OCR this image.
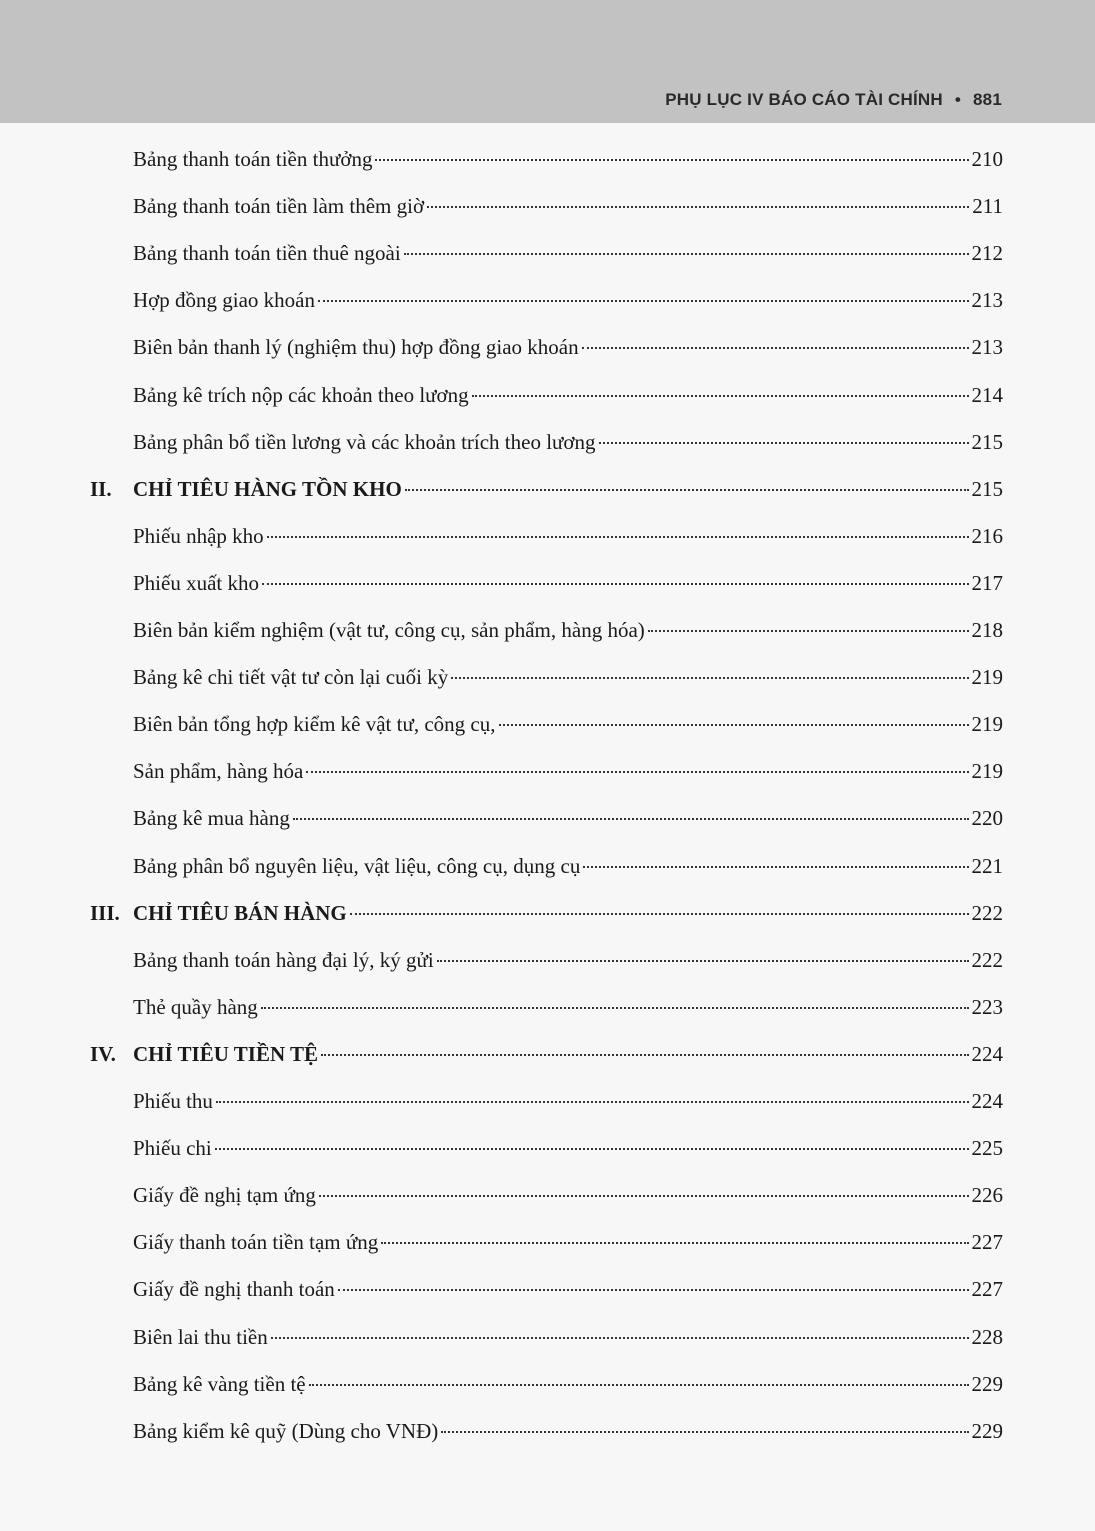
PHỤ LỤC IV BÁO CÁO TÀI CHÍNH • 881
Bảng thanh toán tiền thưởng	210
Bảng thanh toán tiền làm thêm giờ	211
Bảng thanh toán tiền thuê ngoài	212
Hợp đồng giao khoán	213
Biên bản thanh lý (nghiệm thu) hợp đồng giao khoán	213
Bảng kê trích nộp các khoản theo lương	214
Bảng phân bổ tiền lương và các khoản trích theo lương	215
II. CHỈ TIÊU HÀNG TỒN KHO	215
Phiếu nhập kho	216
Phiếu xuất kho	217
Biên bản kiểm nghiệm (vật tư, công cụ, sản phẩm, hàng hóa)	218
Bảng kê chi tiết vật tư còn lại cuối kỳ	219
Biên bản tổng hợp kiểm kê vật tư, công cụ,	219
Sản phẩm, hàng hóa	219
Bảng kê mua hàng	220
Bảng phân bổ nguyên liệu, vật liệu, công cụ, dụng cụ	221
III. CHỈ TIÊU BÁN HÀNG	222
Bảng thanh toán hàng đại lý, ký gửi	222
Thẻ quầy hàng	223
IV. CHỈ TIÊU TIỀN TỆ	224
Phiếu thu	224
Phiếu chi	225
Giấy đề nghị tạm ứng	226
Giấy thanh toán tiền tạm ứng	227
Giấy đề nghị thanh toán	227
Biên lai thu tiền	228
Bảng kê vàng tiền tệ	229
Bảng kiểm kê quỹ (Dùng cho VNĐ)	229
